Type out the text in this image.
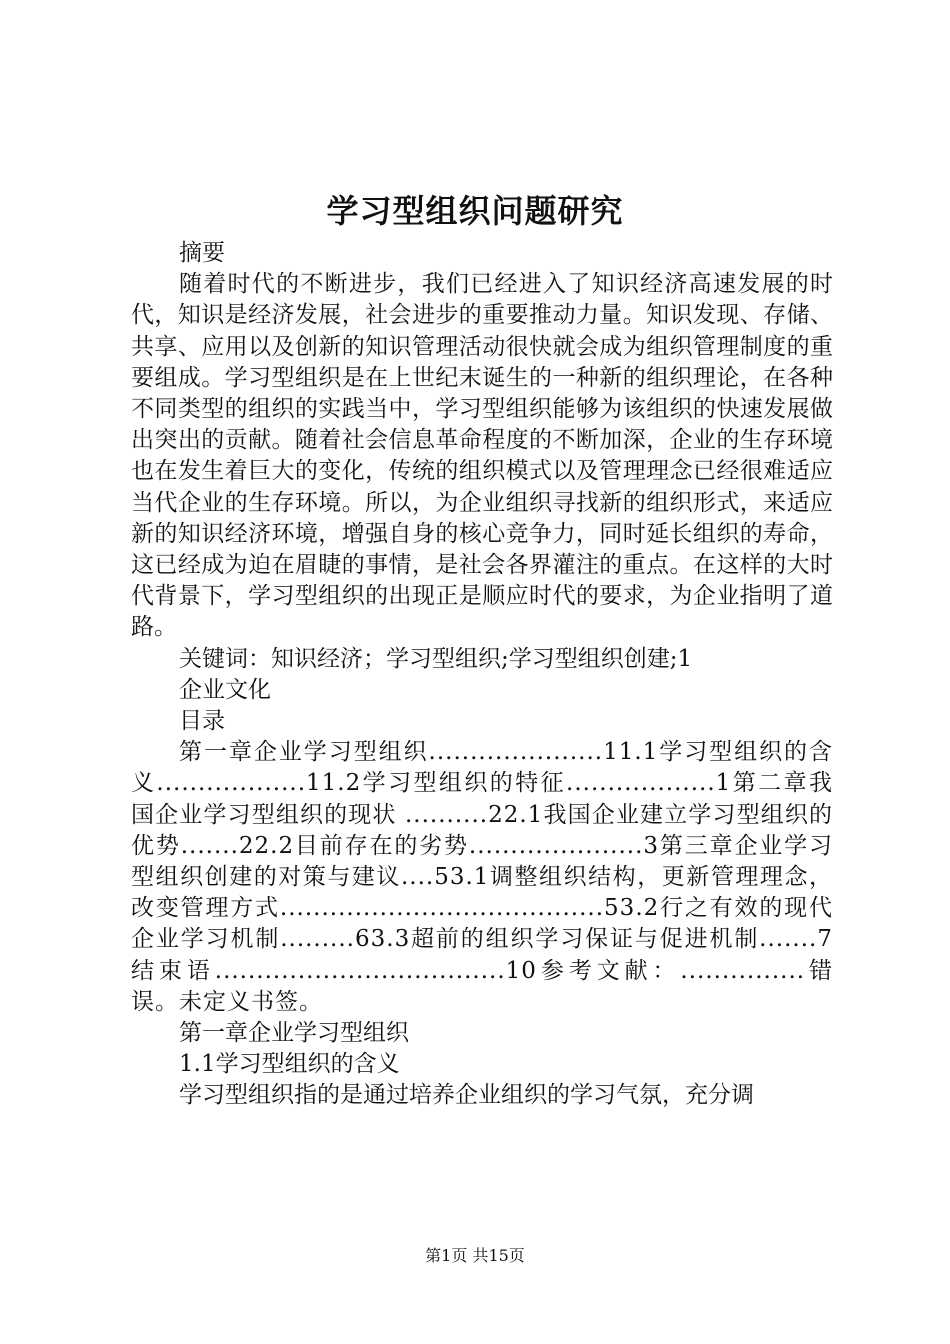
学习型组织问题研究

摘要

随着时代的不断进步，我们已经进入了知识经济高速发展的时代，知识是经济发展，社会进步的重要推动力量。知识发现、存储、共享、应用以及创新的知识管理活动很快就会成为组织管理制度的重要组成。学习型组织是在上世纪末诞生的一种新的组织理论，在各种不同类型的组织的实践当中，学习型组织能够为该组织的快速发展做出突出的贡献。随着社会信息革命程度的不断加深，企业的生存环境也在发生着巨大的变化，传统的组织模式以及管理理念已经很难适应当代企业的生存环境。所以，为企业组织寻找新的组织形式，来适应新的知识经济环境，增强自身的核心竞争力，同时延长组织的寿命，这已经成为迫在眉睫的事情，是社会各界灌注的重点。在这样的大时代背景下，学习型组织的出现正是顺应时代的要求，为企业指明了道路。

关键词：知识经济；学习型组织;学习型组织创建;1

企业文化

目录

第一章企业学习型组织.....................11.1学习型组织的含义..................11.2学习型组织的特征..................1第二章我国企业学习型组织的现状 ..........22.1我国企业建立学习型组织的优势.......22.2目前存在的劣势.....................3第三章企业学习型组织创建的对策与建议....53.1调整组织结构，更新管理理念，改变管理方式.......................................53.2行之有效的现代企业学习机制.........63.3超前的组织学习保证与促进机制.......7结束语...................................10参考文献：...............错误。未定义书签。

第一章企业学习型组织

1.1学习型组织的含义

学习型组织指的是通过培养企业组织的学习气氛，充分调

第1页 共15页
